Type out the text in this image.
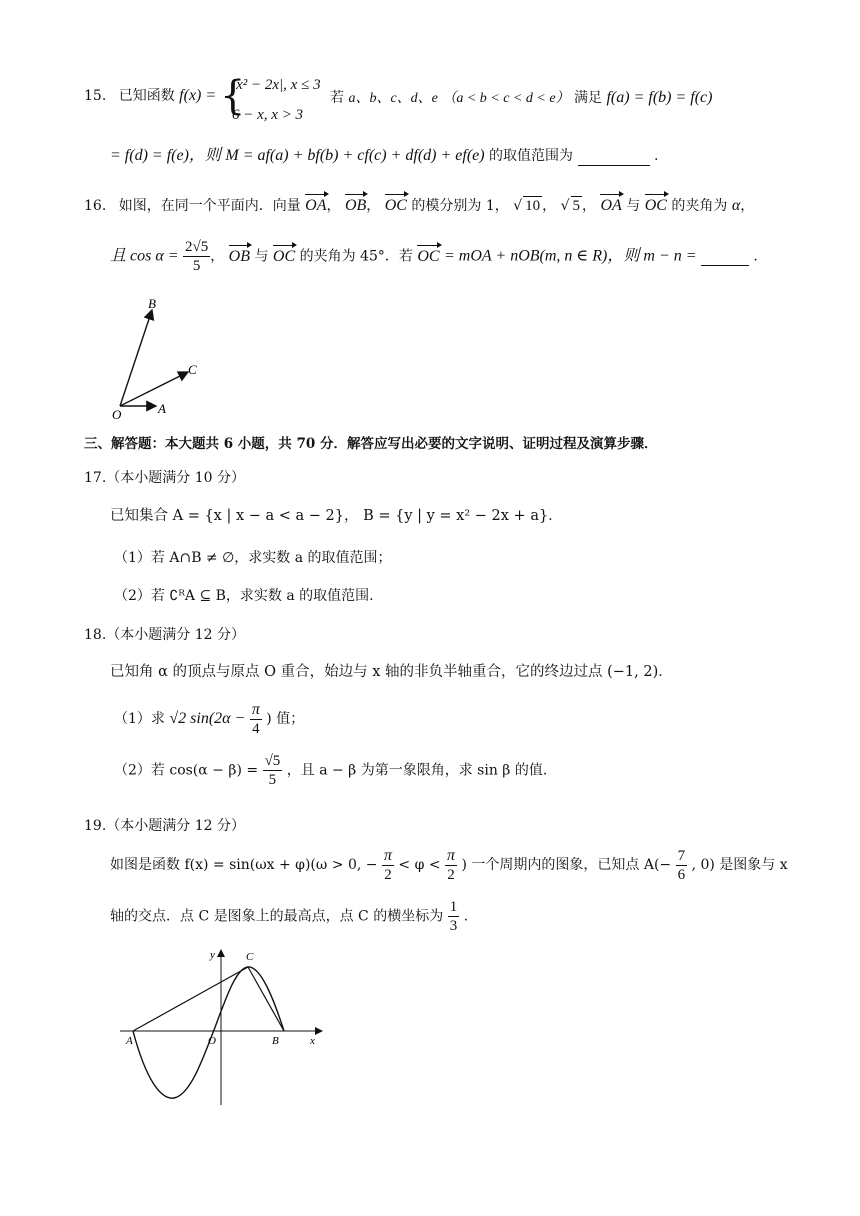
15. 已知函数 f(x) = {
|x² − 2x|, x ≤ 3
6 − x, x > 3
若 a、b、c、d、e （a < b < c < d < e） 满足 f(a) = f(b) = f(c)
= f(d) = f(e)，则 M = af(a) + bf(b) + cf(c) + df(d) + ef(e) 的取值范围为	.
16. 如图，在同一个平面内．向量 OA， OB， OC 的模分别为 1， √ 10 ， √ 5 ， OA 与 OC 的夹角为 α，
且 $\cos \alpha = \frac{2√5}{5}$ ， OB 与 OC 的夹角为 45°．若 OC = mOA + nOB(m, n ∈ R)，则 m − n =	.
B
C
O	A
三、解答题：本大题共 6 小题，共 70 分．解答应写出必要的文字说明、证明过程及演算步骤．
17.（本小题满分 10 分）
已知集合 A = {x | x − a < a − 2}， B = {y | y = x² − 2x + a}．
（1）若 A∩B ≠ ∅，求实数 a 的取值范围；
（2）若 ∁ᴿA ⊆ B，求实数 a 的取值范围.
18.（本小题满分 12 分）
已知角 α 的顶点与原点 O 重合，始边与 x 轴的非负半轴重合，它的终边过点 (−1, 2)．
（1）求 √2 $\sin(2\alpha - \frac{\pi}{4}$ ) 值；
（2）若 $\cos(\alpha - \beta) = \frac{√5}{5}$ ，且 a − β 为第一象限角，求 sin β 的值.
19.（本小题满分 12 分）
如图是函数 f(x) = sin(ωx + φ)(ω > 0, − $\frac{\pi}{2} < \varphi < \frac{\pi}{2}$ ) 一个周期内的图象，已知点 $A(- \frac{7}{6}$ , 0) 是图象与 x
轴的交点．点 C 是图象上的最高点，点 C 的横坐标为 $\frac{1}{3}$ .
y	C
A	O	B	x
